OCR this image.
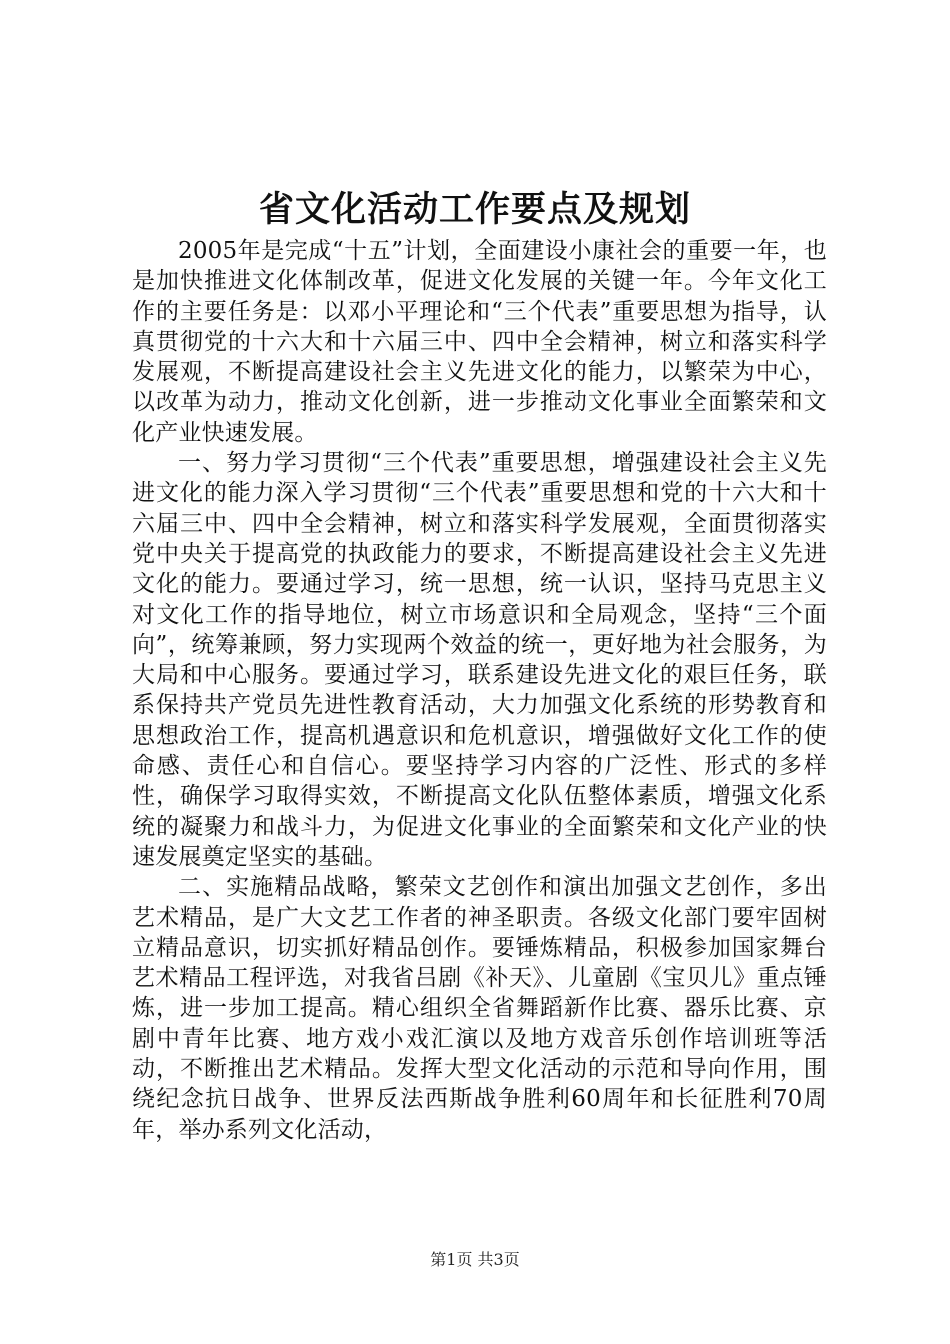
省文化活动工作要点及规划

2005年是完成“十五”计划，全面建设小康社会的重要一年，也是加快推进文化体制改革，促进文化发展的关键一年。今年文化工作的主要任务是：以邓小平理论和“三个代表”重要思想为指导，认真贯彻党的十六大和十六届三中、四中全会精神，树立和落实科学发展观，不断提高建设社会主义先进文化的能力，以繁荣为中心，以改革为动力，推动文化创新，进一步推动文化事业全面繁荣和文化产业快速发展。

一、努力学习贯彻“三个代表”重要思想，增强建设社会主义先进文化的能力深入学习贯彻“三个代表”重要思想和党的十六大和十六届三中、四中全会精神，树立和落实科学发展观，全面贯彻落实党中央关于提高党的执政能力的要求，不断提高建设社会主义先进文化的能力。要通过学习，统一思想，统一认识，坚持马克思主义对文化工作的指导地位，树立市场意识和全局观念，坚持“三个面向”，统筹兼顾，努力实现两个效益的统一，更好地为社会服务，为大局和中心服务。要通过学习，联系建设先进文化的艰巨任务，联系保持共产党员先进性教育活动，大力加强文化系统的形势教育和思想政治工作，提高机遇意识和危机意识，增强做好文化工作的使命感、责任心和自信心。要坚持学习内容的广泛性、形式的多样性，确保学习取得实效，不断提高文化队伍整体素质，增强文化系统的凝聚力和战斗力，为促进文化事业的全面繁荣和文化产业的快速发展奠定坚实的基础。

二、实施精品战略，繁荣文艺创作和演出加强文艺创作，多出艺术精品，是广大文艺工作者的神圣职责。各级文化部门要牢固树立精品意识，切实抓好精品创作。要锤炼精品，积极参加国家舞台艺术精品工程评选，对我省吕剧《补天》、儿童剧《宝贝儿》重点锤炼，进一步加工提高。精心组织全省舞蹈新作比赛、器乐比赛、京剧中青年比赛、地方戏小戏汇演以及地方戏音乐创作培训班等活动，不断推出艺术精品。发挥大型文化活动的示范和导向作用，围绕纪念抗日战争、世界反法西斯战争胜利60周年和长征胜利70周年，举办系列文化活动，

第1页 共3页
